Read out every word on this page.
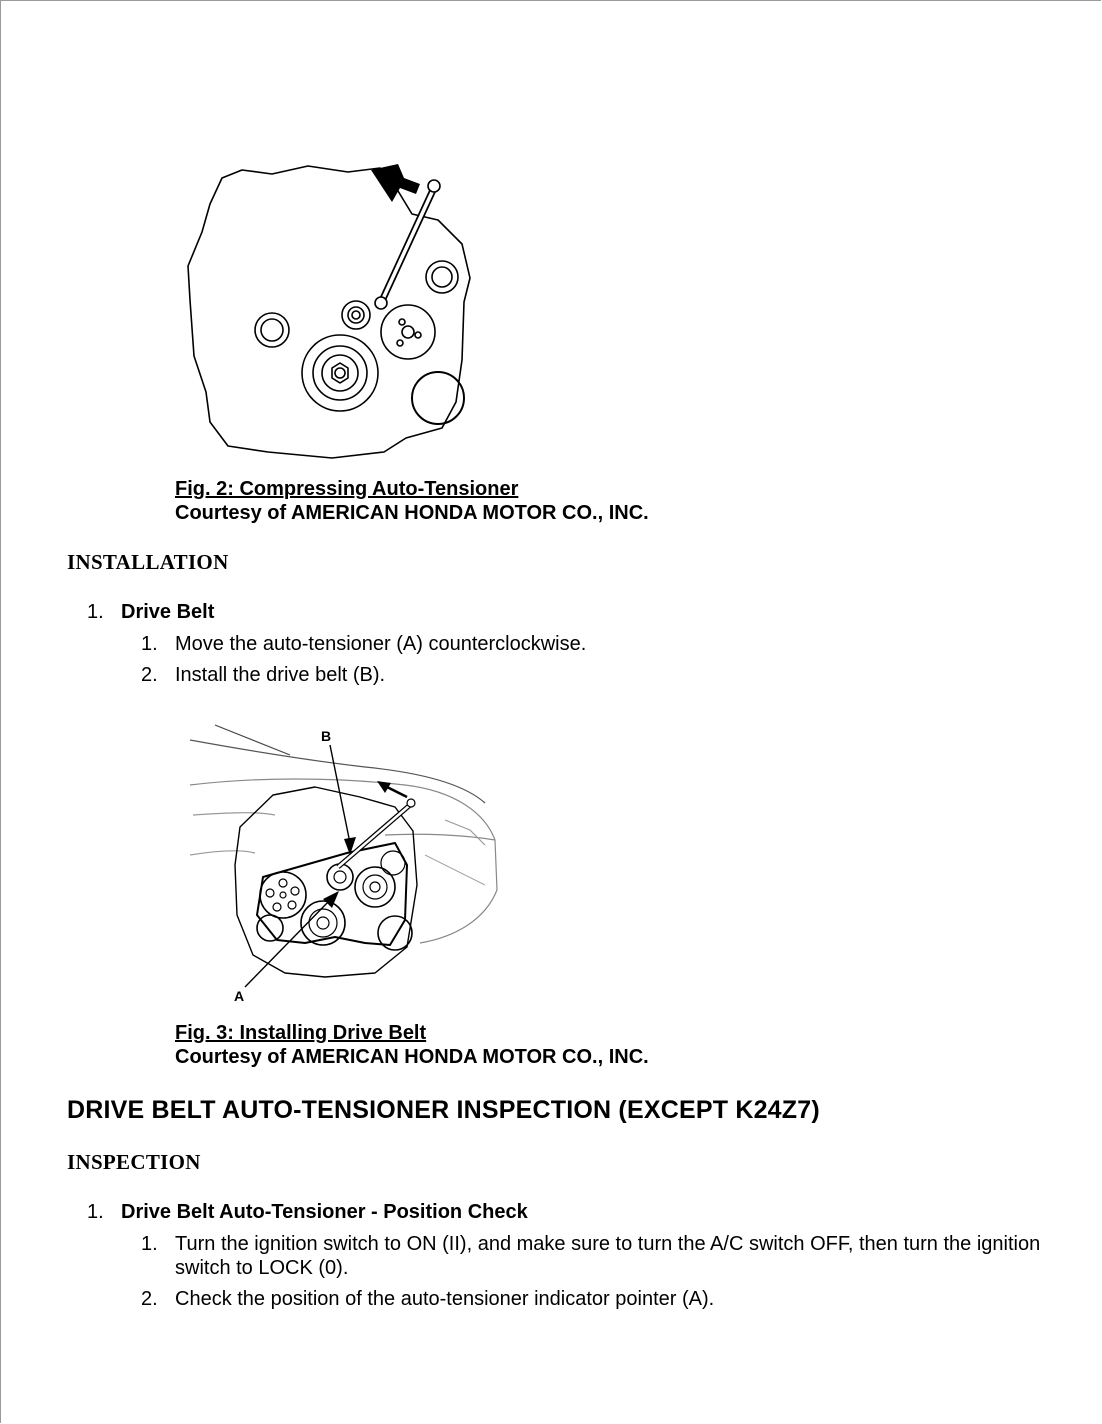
Fig. 2: Compressing Auto-Tensioner
Courtesy of AMERICAN HONDA MOTOR CO., INC.
INSTALLATION
1. Drive Belt
1. Move the auto-tensioner (A) counterclockwise.
2. Install the drive belt (B).
B
A
Fig. 3: Installing Drive Belt
Courtesy of AMERICAN HONDA MOTOR CO., INC.
DRIVE BELT AUTO-TENSIONER INSPECTION (EXCEPT K24Z7)
INSPECTION
1. Drive Belt Auto-Tensioner - Position Check
1. Turn the ignition switch to ON (II), and make sure to turn the A/C switch OFF, then turn the ignition switch to LOCK (0).
2. Check the position of the auto-tensioner indicator pointer (A).
